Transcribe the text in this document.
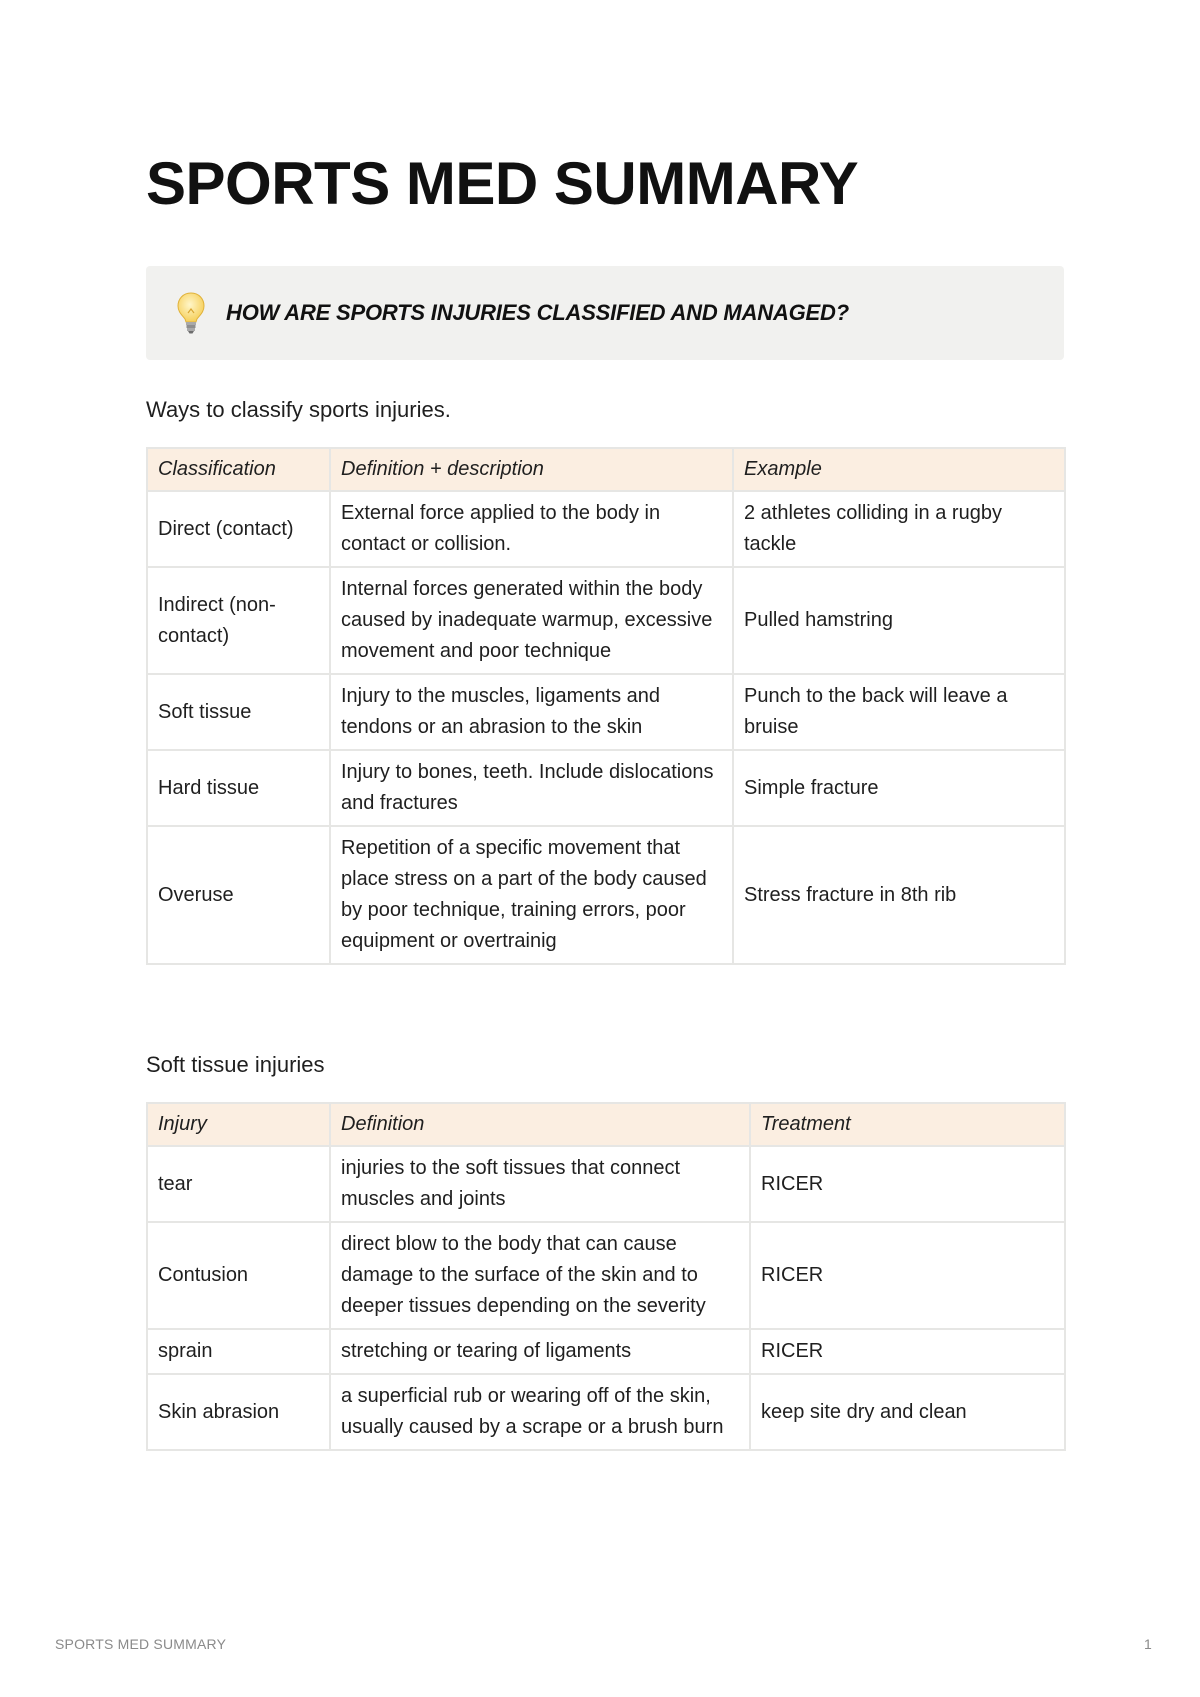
SPORTS MED SUMMARY
HOW ARE SPORTS INJURIES CLASSIFIED AND MANAGED?
Ways to classify sports injuries.
Classification	Definition + description	Example
Direct (contact)	External force applied to the body in contact or collision.	2 athletes colliding in a rugby tackle
Indirect (non-contact)	Internal forces generated within the body caused by inadequate warmup, excessive movement and poor technique	Pulled hamstring
Soft tissue	Injury to the muscles, ligaments and tendons or an abrasion to the skin	Punch to the back will leave a bruise
Hard tissue	Injury to bones, teeth. Include dislocations and fractures	Simple fracture
Overuse	Repetition of a specific movement that place stress on a part of the body caused by poor technique, training errors, poor equipment or overtrainig	Stress fracture in 8th rib
Soft tissue injuries
Injury	Definition	Treatment
tear	injuries to the soft tissues that connect muscles and joints	RICER
Contusion	direct blow to the body that can cause damage to the surface of the skin and to deeper tissues depending on the severity	RICER
sprain	stretching or tearing of ligaments	RICER
Skin abrasion	a superficial rub or wearing off of the skin, usually caused by a scrape or a brush burn	keep site dry and clean
SPORTS MED SUMMARY	1
